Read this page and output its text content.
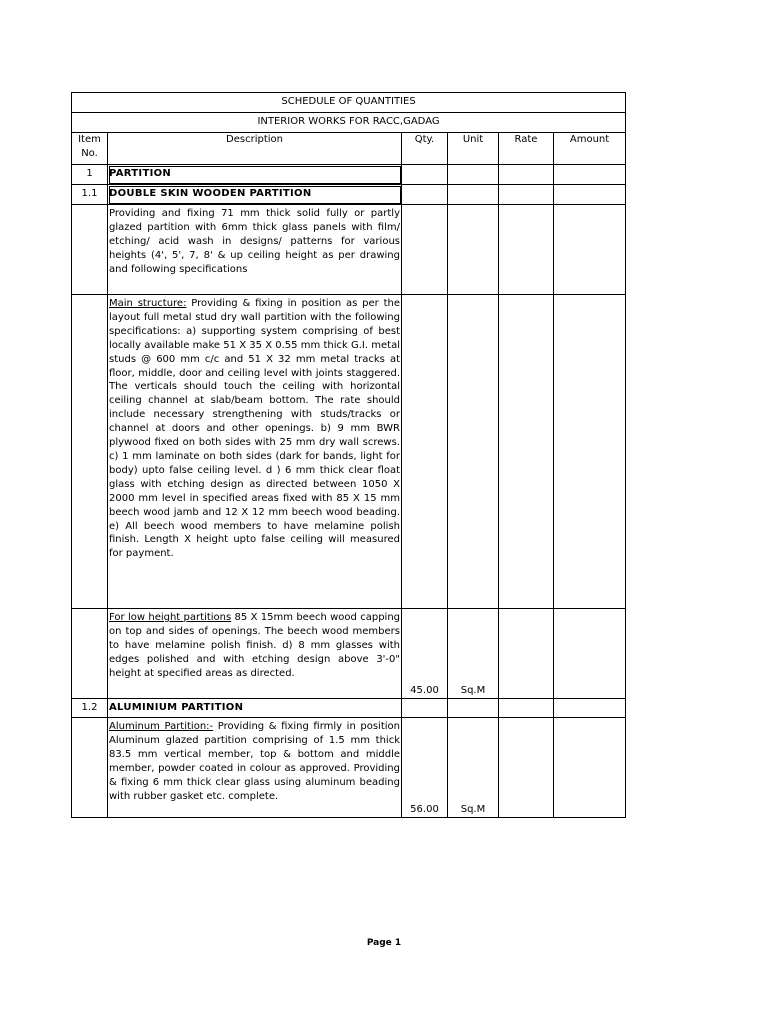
SCHEDULE OF QUANTITIES					
INTERIOR WORKS FOR RACC,GADAG					
Item No.	Description	Qty.	Unit	Rate	Amount
1	PARTITION				
1.1	DOUBLE SKIN WOODEN PARTITION				
	Providing and fixing 71 mm thick solid fully or partly glazed partition with 6mm thick glass panels with film/ etching/ acid wash in designs/ patterns for various heights (4', 5', 7, 8' & up ceiling height as per drawing and following specifications				
	Main structure: Providing & fixing in position as per the layout full metal stud dry wall partition with the following specifications: a) supporting system comprising of best locally available make 51 X 35 X 0.55 mm thick G.I. metal studs @ 600 mm c/c and 51 X 32 mm metal tracks at floor, middle, door and ceiling level with joints staggered. The verticals should touch the ceiling with horizontal ceiling channel at slab/beam bottom. The rate should include necessary strengthening with studs/tracks or channel at doors and other openings. b) 9 mm BWR plywood fixed on both sides with 25 mm dry wall screws. c) 1 mm laminate on both sides (dark for bands, light for body) upto false ceiling level. d ) 6 mm thick clear float glass with etching design as directed between 1050 X 2000 mm level in specified areas fixed with 85 X 15 mm beech wood jamb and 12 X 12 mm beech wood beading. e) All beech wood members to have melamine polish finish. Length X height upto false ceiling will measured for payment.				
	For low height partitions 85 X 15mm beech wood capping on top and sides of openings. The beech wood members to have melamine polish finish. d) 8 mm glasses with edges polished and with etching design above 3'-0" height at specified areas as directed.	45.00	Sq.M		
1.2	ALUMINIUM PARTITION				
	Aluminum Partition:- Providing & fixing firmly in position Aluminum glazed partition comprising of 1.5 mm thick 83.5 mm vertical member, top & bottom and middle member, powder coated in colour as approved. Providing & fixing 6 mm thick clear glass using aluminum beading with rubber gasket etc. complete.	56.00	Sq.M		
Page 1
